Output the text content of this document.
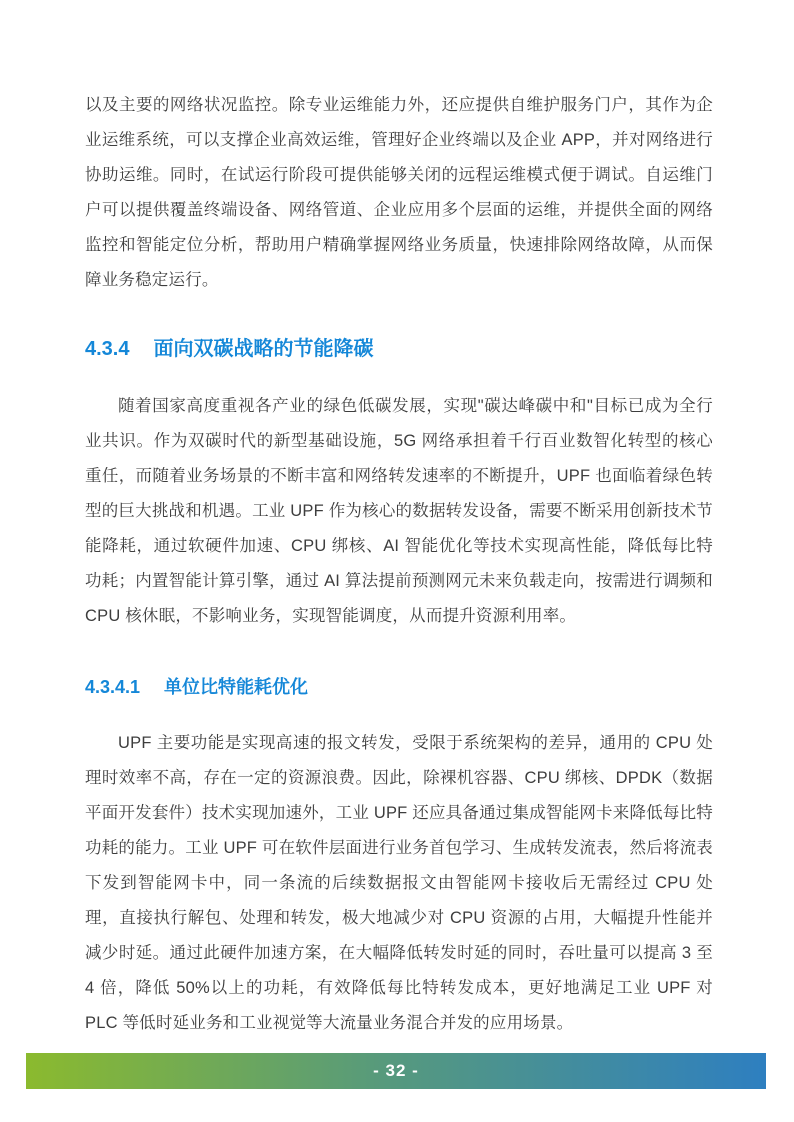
以及主要的网络状况监控。除专业运维能力外，还应提供自维护服务门户，其作为企业运维系统，可以支撑企业高效运维，管理好企业终端以及企业 APP，并对网络进行协助运维。同时，在试运行阶段可提供能够关闭的远程运维模式便于调试。自运维门户可以提供覆盖终端设备、网络管道、企业应用多个层面的运维，并提供全面的网络监控和智能定位分析，帮助用户精确掌握网络业务质量，快速排除网络故障，从而保障业务稳定运行。

4.3.4 面向双碳战略的节能降碳

随着国家高度重视各产业的绿色低碳发展，实现"碳达峰碳中和"目标已成为全行业共识。作为双碳时代的新型基础设施，5G 网络承担着千行百业数智化转型的核心重任，而随着业务场景的不断丰富和网络转发速率的不断提升，UPF 也面临着绿色转型的巨大挑战和机遇。工业 UPF 作为核心的数据转发设备，需要不断采用创新技术节能降耗，通过软硬件加速、CPU 绑核、AI 智能优化等技术实现高性能，降低每比特功耗；内置智能计算引擎，通过 AI 算法提前预测网元未来负载走向，按需进行调频和 CPU 核休眠，不影响业务，实现智能调度，从而提升资源利用率。

4.3.4.1 单位比特能耗优化

UPF 主要功能是实现高速的报文转发，受限于系统架构的差异，通用的 CPU 处理时效率不高，存在一定的资源浪费。因此，除裸机容器、CPU 绑核、DPDK（数据平面开发套件）技术实现加速外，工业 UPF 还应具备通过集成智能网卡来降低每比特功耗的能力。工业 UPF 可在软件层面进行业务首包学习、生成转发流表，然后将流表下发到智能网卡中，同一条流的后续数据报文由智能网卡接收后无需经过 CPU 处理，直接执行解包、处理和转发，极大地减少对 CPU 资源的占用，大幅提升性能并减少时延。通过此硬件加速方案，在大幅降低转发时延的同时，吞吐量可以提高 3 至 4 倍，降低 50%以上的功耗，有效降低每比特转发成本，更好地满足工业 UPF 对 PLC 等低时延业务和工业视觉等大流量业务混合并发的应用场景。

- 32 -
